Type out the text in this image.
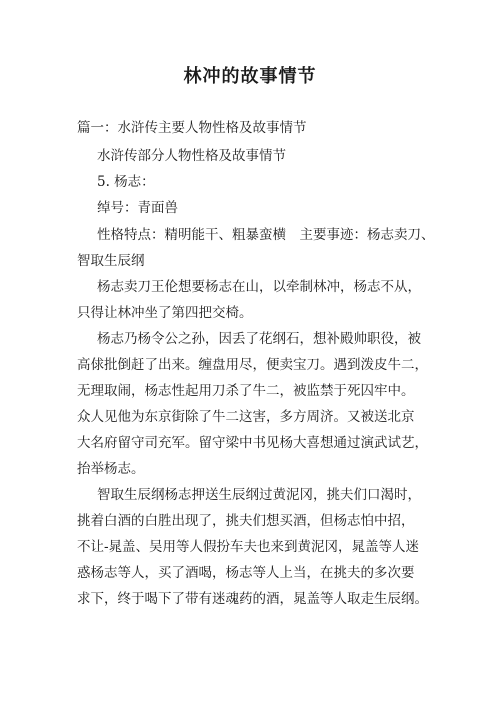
林冲的故事情节
篇一：水浒传主要人物性格及故事情节
水浒传部分人物性格及故事情节
5. 杨志：
绰号：青面兽
性格特点：精明能干、粗暴蛮横　主要事迹：杨志卖刀、
智取生辰纲
杨志卖刀王伦想要杨志在山，以牵制林冲，杨志不从，
只得让林冲坐了第四把交椅。
杨志乃杨令公之孙，因丢了花纲石，想补殿帅职役，被
高俅批倒赶了出来。缠盘用尽，便卖宝刀。遇到泼皮牛二，
无理取闹，杨志性起用刀杀了牛二，被监禁于死囚牢中。
众人见他为东京街除了牛二这害，多方周济。又被送北京
大名府留守司充军。留守梁中书见杨大喜想通过演武试艺，
抬举杨志。
智取生辰纲杨志押送生辰纲过黄泥冈，挑夫们口渴时，
挑着白酒的白胜出现了，挑夫们想买酒，但杨志怕中招，
不让-晁盖、吴用等人假扮车夫也来到黄泥冈，晁盖等人迷
惑杨志等人，买了酒喝，杨志等人上当，在挑夫的多次要
求下，终于喝下了带有迷魂药的酒，晁盖等人取走生辰纲。
